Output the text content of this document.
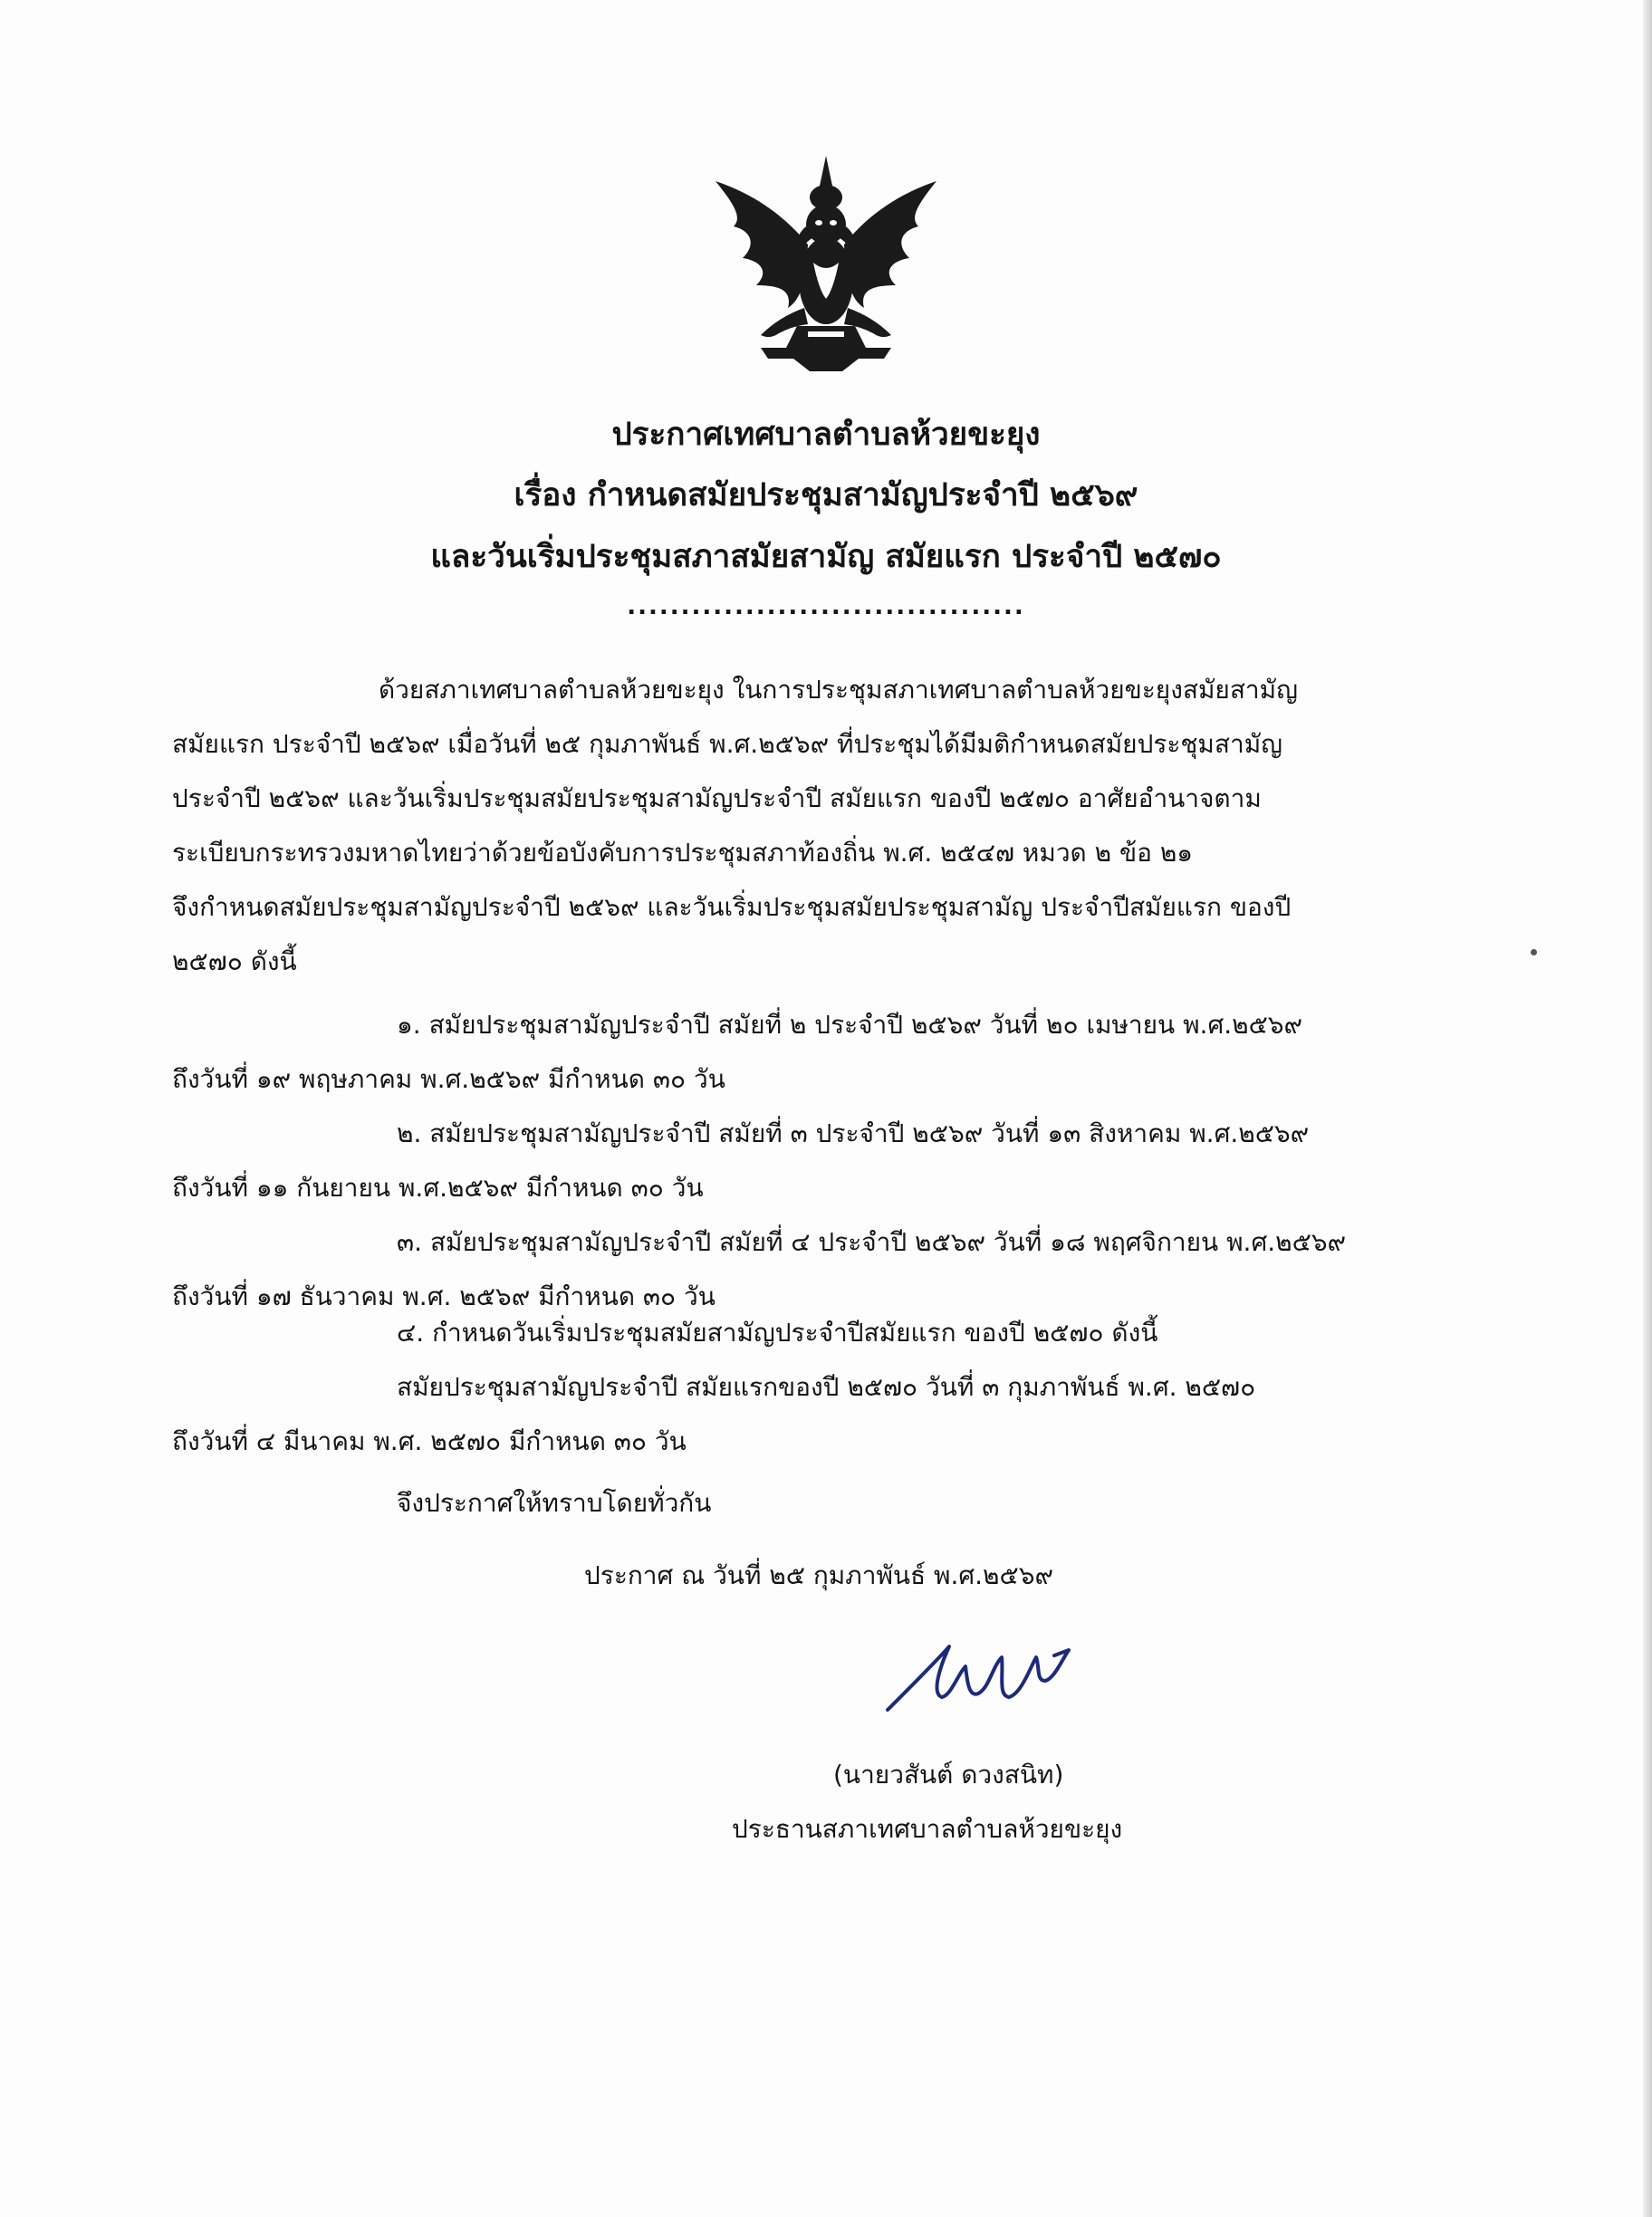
ประกาศเทศบาลตำบลห้วยขะยุง
เรื่อง กำหนดสมัยประชุมสามัญประจำปี ๒๕๖๙
และวันเริ่มประชุมสภาสมัยสามัญ สมัยแรก ประจำปี ๒๕๗๐
.....................................
ด้วยสภาเทศบาลตำบลห้วยขะยุง ในการประชุมสภาเทศบาลตำบลห้วยขะยุงสมัยสามัญ
สมัยแรก ประจำปี ๒๕๖๙ เมื่อวันที่ ๒๕ กุมภาพันธ์ พ.ศ.๒๕๖๙ ที่ประชุมได้มีมติกำหนดสมัยประชุมสามัญ
ประจำปี ๒๕๖๙ และวันเริ่มประชุมสมัยประชุมสามัญประจำปี สมัยแรก ของปี ๒๕๗๐ อาศัยอำนาจตาม
ระเบียบกระทรวงมหาดไทยว่าด้วยข้อบังคับการประชุมสภาท้องถิ่น พ.ศ. ๒๕๔๗ หมวด ๒ ข้อ ๒๑
จึงกำหนดสมัยประชุมสามัญประจำปี ๒๕๖๙ และวันเริ่มประชุมสมัยประชุมสามัญ ประจำปีสมัยแรก ของปี
๒๕๗๐ ดังนี้
๑. สมัยประชุมสามัญประจำปี สมัยที่ ๒ ประจำปี ๒๕๖๙ วันที่ ๒๐ เมษายน พ.ศ.๒๕๖๙
ถึงวันที่ ๑๙ พฤษภาคม พ.ศ.๒๕๖๙ มีกำหนด ๓๐ วัน
๒. สมัยประชุมสามัญประจำปี สมัยที่ ๓ ประจำปี ๒๕๖๙ วันที่ ๑๓ สิงหาคม พ.ศ.๒๕๖๙
ถึงวันที่ ๑๑ กันยายน พ.ศ.๒๕๖๙ มีกำหนด ๓๐ วัน
๓. สมัยประชุมสามัญประจำปี สมัยที่ ๔ ประจำปี ๒๕๖๙ วันที่ ๑๘ พฤศจิกายน พ.ศ.๒๕๖๙
ถึงวันที่ ๑๗ ธันวาคม พ.ศ. ๒๕๖๙ มีกำหนด ๓๐ วัน
๔. กำหนดวันเริ่มประชุมสมัยสามัญประจำปีสมัยแรก ของปี ๒๕๗๐ ดังนี้
สมัยประชุมสามัญประจำปี สมัยแรกของปี ๒๕๗๐ วันที่ ๓ กุมภาพันธ์ พ.ศ. ๒๕๗๐
ถึงวันที่ ๔ มีนาคม พ.ศ. ๒๕๗๐ มีกำหนด ๓๐ วัน
จึงประกาศให้ทราบโดยทั่วกัน
ประกาศ ณ วันที่ ๒๕ กุมภาพันธ์ พ.ศ.๒๕๖๙
(นายวสันต์ ดวงสนิท)
ประธานสภาเทศบาลตำบลห้วยขะยุง
